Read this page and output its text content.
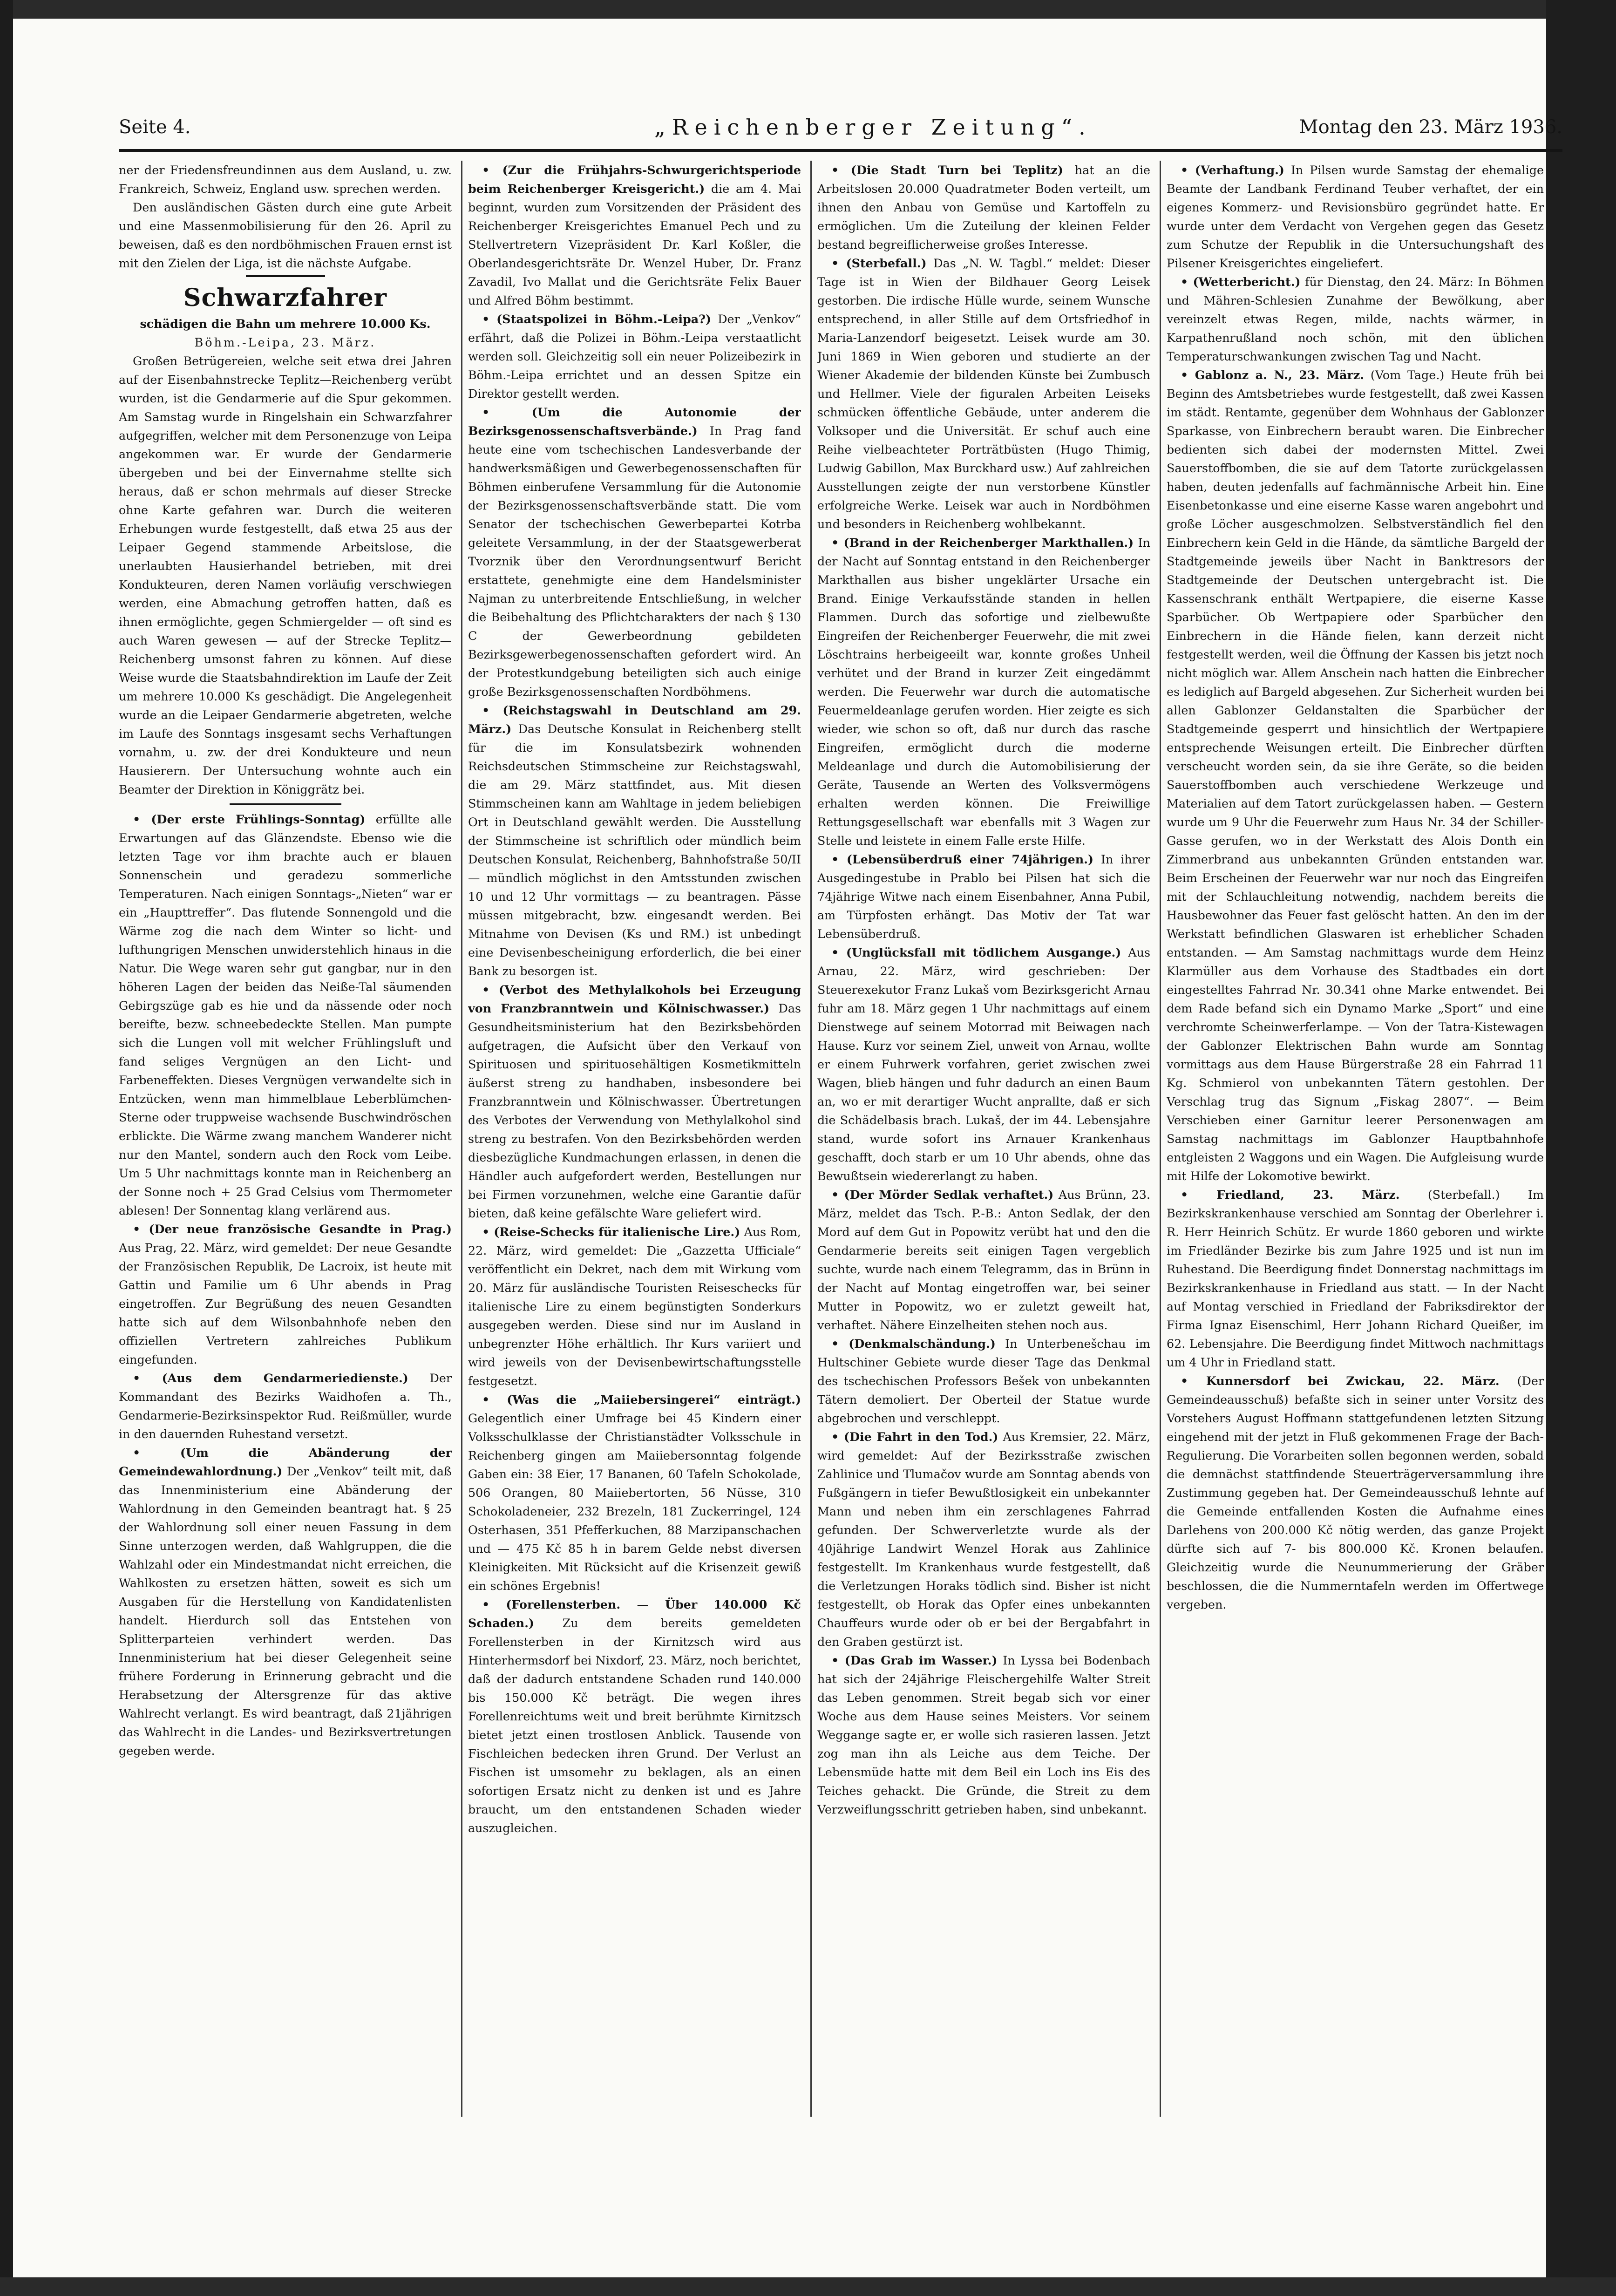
Seite 4.	„Reichenberger Zeitung“.	Montag den 23. März 1936.

ner der Friedensfreundinnen aus dem Ausland, u. zw. Frankreich, Schweiz, England usw. sprechen werden.

Den ausländischen Gästen durch eine gute Arbeit und eine Massenmobilisierung für den 26. April zu beweisen, daß es den nordböhmischen Frauen ernst ist mit den Zielen der Liga, ist die nächste Aufgabe.

Schwarzfahrer

schädigen die Bahn um mehrere 10.000 Ks.

Böhm.-Leipa, 23. März.

Großen Betrügereien, welche seit etwa drei Jahren auf der Eisenbahnstrecke Teplitz—Reichenberg verübt wurden, ist die Gendarmerie auf die Spur gekommen. Am Samstag wurde in Ringelshain ein Schwarzfahrer aufgegriffen, welcher mit dem Personenzuge von Leipa angekommen war. Er wurde der Gendarmerie übergeben und bei der Einvernahme stellte sich heraus, daß er schon mehrmals auf dieser Strecke ohne Karte gefahren war. Durch die weiteren Erhebungen wurde festgestellt, daß etwa 25 aus der Leipaer Gegend stammende Arbeitslose, die unerlaubten Hausierhandel betrieben, mit drei Kondukteuren, deren Namen vorläufig verschwiegen werden, eine Abmachung getroffen hatten, daß es ihnen ermöglichte, gegen Schmiergelder — oft sind es auch Waren gewesen — auf der Strecke Teplitz—Reichenberg umsonst fahren zu können. Auf diese Weise wurde die Staatsbahndirektion im Laufe der Zeit um mehrere 10.000 Ks geschädigt. Die Angelegenheit wurde an die Leipaer Gendarmerie abgetreten, welche im Laufe des Sonntags insgesamt sechs Verhaftungen vornahm, u. zw. der drei Kondukteure und neun Hausierern. Der Untersuchung wohnte auch ein Beamter der Direktion in Königgrätz bei.

• (Der erste Frühlings-Sonntag) erfüllte alle Erwartungen auf das Glänzendste. Ebenso wie die letzten Tage vor ihm brachte auch er blauen Sonnenschein und geradezu sommerliche Temperaturen. Nach einigen Sonntags-„Nieten“ war er ein „Haupttreffer“. Das flutende Sonnengold und die Wärme zog die nach dem Winter so licht- und lufthungrigen Menschen unwiderstehlich hinaus in die Natur. Die Wege waren sehr gut gangbar, nur in den höheren Lagen der beiden das Neiße-Tal säumenden Gebirgszüge gab es hie und da nässende oder noch bereifte, bezw. schneebedeckte Stellen. Man pumpte sich die Lungen voll mit welcher Frühlingsluft und fand seliges Vergnügen an den Licht- und Farbeneffekten. Dieses Vergnügen verwandelte sich in Entzücken, wenn man himmelblaue Leberblümchen-Sterne oder truppweise wachsende Buschwindröschen erblickte. Die Wärme zwang manchem Wanderer nicht nur den Mantel, sondern auch den Rock vom Leibe. Um 5 Uhr nachmittags konnte man in Reichenberg an der Sonne noch + 25 Grad Celsius vom Thermometer ablesen! Der Sonnentag klang verlärend aus.

• (Der neue französische Gesandte in Prag.) Aus Prag, 22. März, wird gemeldet: Der neue Gesandte der Französischen Republik, De Lacroix, ist heute mit Gattin und Familie um 6 Uhr abends in Prag eingetroffen. Zur Begrüßung des neuen Gesandten hatte sich auf dem Wilsonbahnhofe neben den offiziellen Vertretern zahlreiches Publikum eingefunden.

• (Aus dem Gendarmeriedienste.) Der Kommandant des Bezirks Waidhofen a. Th., Gendarmerie-Bezirksinspektor Rud. Reißmüller, wurde in den dauernden Ruhestand versetzt.

• (Um die Abänderung der Gemeindewahlordnung.) Der „Venkov“ teilt mit, daß das Innenministerium eine Abänderung der Wahlordnung in den Gemeinden beantragt hat. § 25 der Wahlordnung soll einer neuen Fassung in dem Sinne unterzogen werden, daß Wahlgruppen, die die Wahlzahl oder ein Mindestmandat nicht erreichen, die Wahlkosten zu ersetzen hätten, soweit es sich um Ausgaben für die Herstellung von Kandidatenlisten handelt. Hierdurch soll das Entstehen von Splitterparteien verhindert werden. Das Innenministerium hat bei dieser Gelegenheit seine frühere Forderung in Erinnerung gebracht und die Herabsetzung der Altersgrenze für das aktive Wahlrecht verlangt. Es wird beantragt, daß 21jährigen das Wahlrecht in die Landes- und Bezirksvertretungen gegeben werde.

• (Zur die Frühjahrs-Schwurgerichtsperiode beim Reichenberger Kreisgericht.) die am 4. Mai beginnt, wurden zum Vorsitzenden der Präsident des Reichenberger Kreisgerichtes Emanuel Pech und zu Stellvertretern Vizepräsident Dr. Karl Koßler, die Oberlandesgerichtsräte Dr. Wenzel Huber, Dr. Franz Zavadil, Ivo Mallat und die Gerichtsräte Felix Bauer und Alfred Böhm bestimmt.

• (Staatspolizei in Böhm.-Leipa?) Der „Venkov“ erfährt, daß die Polizei in Böhm.-Leipa verstaatlicht werden soll. Gleichzeitig soll ein neuer Polizeibezirk in Böhm.-Leipa errichtet und an dessen Spitze ein Direktor gestellt werden.

• (Um die Autonomie der Bezirksgenossenschaftsverbände.) In Prag fand heute eine vom tschechischen Landesverbande der handwerksmäßigen und Gewerbegenossenschaften für Böhmen einberufene Versammlung für die Autonomie der Bezirksgenossenschaftsverbände statt. Die vom Senator der tschechischen Gewerbepartei Kotrba geleitete Versammlung, in der der Staatsgewerberat Tvorznik über den Verordnungsentwurf Bericht erstattete, genehmigte eine dem Handelsminister Najman zu unterbreitende Entschließung, in welcher die Beibehaltung des Pflichtcharakters der nach § 130 C der Gewerbeordnung gebildeten Bezirksgewerbegenossenschaften gefordert wird. An der Protestkundgebung beteiligten sich auch einige große Bezirksgenossenschaften Nordböhmens.

• (Reichstagswahl in Deutschland am 29. März.) Das Deutsche Konsulat in Reichenberg stellt für die im Konsulatsbezirk wohnenden Reichsdeutschen Stimmscheine zur Reichstagswahl, die am 29. März stattfindet, aus. Mit diesen Stimmscheinen kann am Wahltage in jedem beliebigen Ort in Deutschland gewählt werden. Die Ausstellung der Stimmscheine ist schriftlich oder mündlich beim Deutschen Konsulat, Reichenberg, Bahnhofstraße 50/II — mündlich möglichst in den Amtsstunden zwischen 10 und 12 Uhr vormittags — zu beantragen. Pässe müssen mitgebracht, bzw. eingesandt werden. Bei Mitnahme von Devisen (Ks und RM.) ist unbedingt eine Devisenbescheinigung erforderlich, die bei einer Bank zu besorgen ist.

• (Verbot des Methylalkohols bei Erzeugung von Franzbranntwein und Kölnischwasser.) Das Gesundheitsministerium hat den Bezirksbehörden aufgetragen, die Aufsicht über den Verkauf von Spirituosen und spirituosehältigen Kosmetikmitteln äußerst streng zu handhaben, insbesondere bei Franzbranntwein und Kölnischwasser. Übertretungen des Verbotes der Verwendung von Methylalkohol sind streng zu bestrafen. Von den Bezirksbehörden werden diesbezügliche Kundmachungen erlassen, in denen die Händler auch aufgefordert werden, Bestellungen nur bei Firmen vorzunehmen, welche eine Garantie dafür bieten, daß keine gefälschte Ware geliefert wird.

• (Reise-Schecks für italienische Lire.) Aus Rom, 22. März, wird gemeldet: Die „Gazzetta Ufficiale“ veröffentlicht ein Dekret, nach dem mit Wirkung vom 20. März für ausländische Touristen Reiseschecks für italienische Lire zu einem begünstigten Sonderkurs ausgegeben werden. Diese sind nur im Ausland in unbegrenzter Höhe erhältlich. Ihr Kurs variiert und wird jeweils von der Devisenbewirtschaftungsstelle festgesetzt.

• (Was die „Maiiebersingerei“ einträgt.) Gelegentlich einer Umfrage bei 45 Kindern einer Volksschulklasse der Christianstädter Volksschule in Reichenberg gingen am Maiiebersonntag folgende Gaben ein: 38 Eier, 17 Bananen, 60 Tafeln Schokolade, 506 Orangen, 80 Maiiebertorten, 56 Nüsse, 310 Schokoladeneier, 232 Brezeln, 181 Zuckerringel, 124 Osterhasen, 351 Pfefferkuchen, 88 Marzipanschachen und — 475 Kč 85 h in barem Gelde nebst diversen Kleinigkeiten. Mit Rücksicht auf die Krisenzeit gewiß ein schönes Ergebnis!

• (Forellensterben. — Über 140.000 Kč Schaden.) Zu dem bereits gemeldeten Forellensterben in der Kirnitzsch wird aus Hinterhermsdorf bei Nixdorf, 23. März, noch berichtet, daß der dadurch entstandene Schaden rund 140.000 bis 150.000 Kč beträgt. Die wegen ihres Forellenreichtums weit und breit berühmte Kirnitzsch bietet jetzt einen trostlosen Anblick. Tausende von Fischleichen bedecken ihren Grund. Der Verlust an Fischen ist umsomehr zu beklagen, als an einen sofortigen Ersatz nicht zu denken ist und es Jahre braucht, um den entstandenen Schaden wieder auszugleichen.

• (Die Stadt Turn bei Teplitz) hat an die Arbeitslosen 20.000 Quadratmeter Boden verteilt, um ihnen den Anbau von Gemüse und Kartoffeln zu ermöglichen. Um die Zuteilung der kleinen Felder bestand begreiflicherweise großes Interesse.

• (Sterbefall.) Das „N. W. Tagbl.“ meldet: Dieser Tage ist in Wien der Bildhauer Georg Leisek gestorben. Die irdische Hülle wurde, seinem Wunsche entsprechend, in aller Stille auf dem Ortsfriedhof in Maria-Lanzendorf beigesetzt. Leisek wurde am 30. Juni 1869 in Wien geboren und studierte an der Wiener Akademie der bildenden Künste bei Zumbusch und Hellmer. Viele der figuralen Arbeiten Leiseks schmücken öffentliche Gebäude, unter anderem die Volksoper und die Universität. Er schuf auch eine Reihe vielbeachteter Porträtbüsten (Hugo Thimig, Ludwig Gabillon, Max Burckhard usw.) Auf zahlreichen Ausstellungen zeigte der nun verstorbene Künstler erfolgreiche Werke. Leisek war auch in Nordböhmen und besonders in Reichenberg wohlbekannt.

• (Brand in der Reichenberger Markthallen.) In der Nacht auf Sonntag entstand in den Reichenberger Markthallen aus bisher ungeklärter Ursache ein Brand. Einige Verkaufsstände standen in hellen Flammen. Durch das sofortige und zielbewußte Eingreifen der Reichenberger Feuerwehr, die mit zwei Löschtrains herbeigeeilt war, konnte großes Unheil verhütet und der Brand in kurzer Zeit eingedämmt werden. Die Feuerwehr war durch die automatische Feuermeldeanlage gerufen worden. Hier zeigte es sich wieder, wie schon so oft, daß nur durch das rasche Eingreifen, ermöglicht durch die moderne Meldeanlage und durch die Automobilisierung der Geräte, Tausende an Werten des Volksvermögens erhalten werden können. Die Freiwillige Rettungsgesellschaft war ebenfalls mit 3 Wagen zur Stelle und leistete in einem Falle erste Hilfe.

• (Lebensüberdruß einer 74jährigen.) In ihrer Ausgedingestube in Prablo bei Pilsen hat sich die 74jährige Witwe nach einem Eisenbahner, Anna Pubil, am Türpfosten erhängt. Das Motiv der Tat war Lebensüberdruß.

• (Unglücksfall mit tödlichem Ausgange.) Aus Arnau, 22. März, wird geschrieben: Der Steuerexekutor Franz Lukaš vom Bezirksgericht Arnau fuhr am 18. März gegen 1 Uhr nachmittags auf einem Dienstwege auf seinem Motorrad mit Beiwagen nach Hause. Kurz vor seinem Ziel, unweit von Arnau, wollte er einem Fuhrwerk vorfahren, geriet zwischen zwei Wagen, blieb hängen und fuhr dadurch an einen Baum an, wo er mit derartiger Wucht anprallte, daß er sich die Schädelbasis brach. Lukaš, der im 44. Lebensjahre stand, wurde sofort ins Arnauer Krankenhaus geschafft, doch starb er um 10 Uhr abends, ohne das Bewußtsein wiedererlangt zu haben.

• (Der Mörder Sedlak verhaftet.) Aus Brünn, 23. März, meldet das Tsch. P.-B.: Anton Sedlak, der den Mord auf dem Gut in Popowitz verübt hat und den die Gendarmerie bereits seit einigen Tagen vergeblich suchte, wurde nach einem Telegramm, das in Brünn in der Nacht auf Montag eingetroffen war, bei seiner Mutter in Popowitz, wo er zuletzt geweilt hat, verhaftet. Nähere Einzelheiten stehen noch aus.

• (Denkmalschändung.) In Unterbenešchau im Hultschiner Gebiete wurde dieser Tage das Denkmal des tschechischen Professors Bešek von unbekannten Tätern demoliert. Der Oberteil der Statue wurde abgebrochen und verschleppt.

• (Die Fahrt in den Tod.) Aus Kremsier, 22. März, wird gemeldet: Auf der Bezirksstraße zwischen Zahlinice und Tlumačov wurde am Sonntag abends von Fußgängern in tiefer Bewußtlosigkeit ein unbekannter Mann und neben ihm ein zerschlagenes Fahrrad gefunden. Der Schwerverletzte wurde als der 40jährige Landwirt Wenzel Horak aus Zahlinice festgestellt. Im Krankenhaus wurde festgestellt, daß die Verletzungen Horaks tödlich sind. Bisher ist nicht festgestellt, ob Horak das Opfer eines unbekannten Chauffeurs wurde oder ob er bei der Bergabfahrt in den Graben gestürzt ist.

• (Das Grab im Wasser.) In Lyssa bei Bodenbach hat sich der 24jährige Fleischergehilfe Walter Streit das Leben genommen. Streit begab sich vor einer Woche aus dem Hause seines Meisters. Vor seinem Weggange sagte er, er wolle sich rasieren lassen. Jetzt zog man ihn als Leiche aus dem Teiche. Der Lebensmüde hatte mit dem Beil ein Loch ins Eis des Teiches gehackt. Die Gründe, die Streit zu dem Verzweiflungsschritt getrieben haben, sind unbekannt.

• (Verhaftung.) In Pilsen wurde Samstag der ehemalige Beamte der Landbank Ferdinand Teuber verhaftet, der ein eigenes Kommerz- und Revisionsbüro gegründet hatte. Er wurde unter dem Verdacht von Vergehen gegen das Gesetz zum Schutze der Republik in die Untersuchungshaft des Pilsener Kreisgerichtes eingeliefert.

• (Wetterbericht.) für Dienstag, den 24. März: In Böhmen und Mähren-Schlesien Zunahme der Bewölkung, aber vereinzelt etwas Regen, milde, nachts wärmer, in Karpathenrußland noch schön, mit den üblichen Temperaturschwankungen zwischen Tag und Nacht.

• Gablonz a. N., 23. März. (Vom Tage.) Heute früh bei Beginn des Amtsbetriebes wurde festgestellt, daß zwei Kassen im städt. Rentamte, gegenüber dem Wohnhaus der Gablonzer Sparkasse, von Einbrechern beraubt waren. Die Einbrecher bedienten sich dabei der modernsten Mittel. Zwei Sauerstoffbomben, die sie auf dem Tatorte zurückgelassen haben, deuten jedenfalls auf fachmännische Arbeit hin. Eine Eisenbetonkasse und eine eiserne Kasse waren angebohrt und große Löcher ausgeschmolzen. Selbstverständlich fiel den Einbrechern kein Geld in die Hände, da sämtliche Bargeld der Stadtgemeinde jeweils über Nacht in Banktresors der Stadtgemeinde der Deutschen untergebracht ist. Die Kassenschrank enthält Wertpapiere, die eiserne Kasse Sparbücher. Ob Wertpapiere oder Sparbücher den Einbrechern in die Hände fielen, kann derzeit nicht festgestellt werden, weil die Öffnung der Kassen bis jetzt noch nicht möglich war. Allem Anschein nach hatten die Einbrecher es lediglich auf Bargeld abgesehen. Zur Sicherheit wurden bei allen Gablonzer Geldanstalten die Sparbücher der Stadtgemeinde gesperrt und hinsichtlich der Wertpapiere entsprechende Weisungen erteilt. Die Einbrecher dürften verscheucht worden sein, da sie ihre Geräte, so die beiden Sauerstoffbomben auch verschiedene Werkzeuge und Materialien auf dem Tatort zurückgelassen haben. — Gestern wurde um 9 Uhr die Feuerwehr zum Haus Nr. 34 der Schiller-Gasse gerufen, wo in der Werkstatt des Alois Donth ein Zimmerbrand aus unbekannten Gründen entstanden war. Beim Erscheinen der Feuerwehr war nur noch das Eingreifen mit der Schlauchleitung notwendig, nachdem bereits die Hausbewohner das Feuer fast gelöscht hatten. An den im der Werkstatt befindlichen Glaswaren ist erheblicher Schaden entstanden. — Am Samstag nachmittags wurde dem Heinz Klarmüller aus dem Vorhause des Stadtbades ein dort eingestelltes Fahrrad Nr. 30.341 ohne Marke entwendet. Bei dem Rade befand sich ein Dynamo Marke „Sport“ und eine verchromte Scheinwerferlampe. — Von der Tatra-Kistewagen der Gablonzer Elektrischen Bahn wurde am Sonntag vormittags aus dem Hause Bürgerstraße 28 ein Fahrrad 11 Kg. Schmierol von unbekannten Tätern gestohlen. Der Verschlag trug das Signum „Fiskag 2807“. — Beim Verschieben einer Garnitur leerer Personenwagen am Samstag nachmittags im Gablonzer Hauptbahnhofe entgleisten 2 Waggons und ein Wagen. Die Aufgleisung wurde mit Hilfe der Lokomotive bewirkt.

• Friedland, 23. März. (Sterbefall.) Im Bezirkskrankenhause verschied am Sonntag der Oberlehrer i. R. Herr Heinrich Schütz. Er wurde 1860 geboren und wirkte im Friedländer Bezirke bis zum Jahre 1925 und ist nun im Ruhestand. Die Beerdigung findet Donnerstag nachmittags im Bezirkskrankenhause in Friedland aus statt. — In der Nacht auf Montag verschied in Friedland der Fabriksdirektor der Firma Ignaz Eisenschiml, Herr Johann Richard Queißer, im 62. Lebensjahre. Die Beerdigung findet Mittwoch nachmittags um 4 Uhr in Friedland statt.

• Kunnersdorf bei Zwickau, 22. März. (Der Gemeindeausschuß) befaßte sich in seiner unter Vorsitz des Vorstehers August Hoffmann stattgefundenen letzten Sitzung eingehend mit der jetzt in Fluß gekommenen Frage der Bach-Regulierung. Die Vorarbeiten sollen begonnen werden, sobald die demnächst stattfindende Steuerträgerversammlung ihre Zustimmung gegeben hat. Der Gemeindeausschuß lehnte auf die Gemeinde entfallenden Kosten die Aufnahme eines Darlehens von 200.000 Kč nötig werden, das ganze Projekt dürfte sich auf 7- bis 800.000 Kč. Kronen belaufen. Gleichzeitig wurde die Neunummerierung der Gräber beschlossen, die die Nummerntafeln werden im Offertwege vergeben.
